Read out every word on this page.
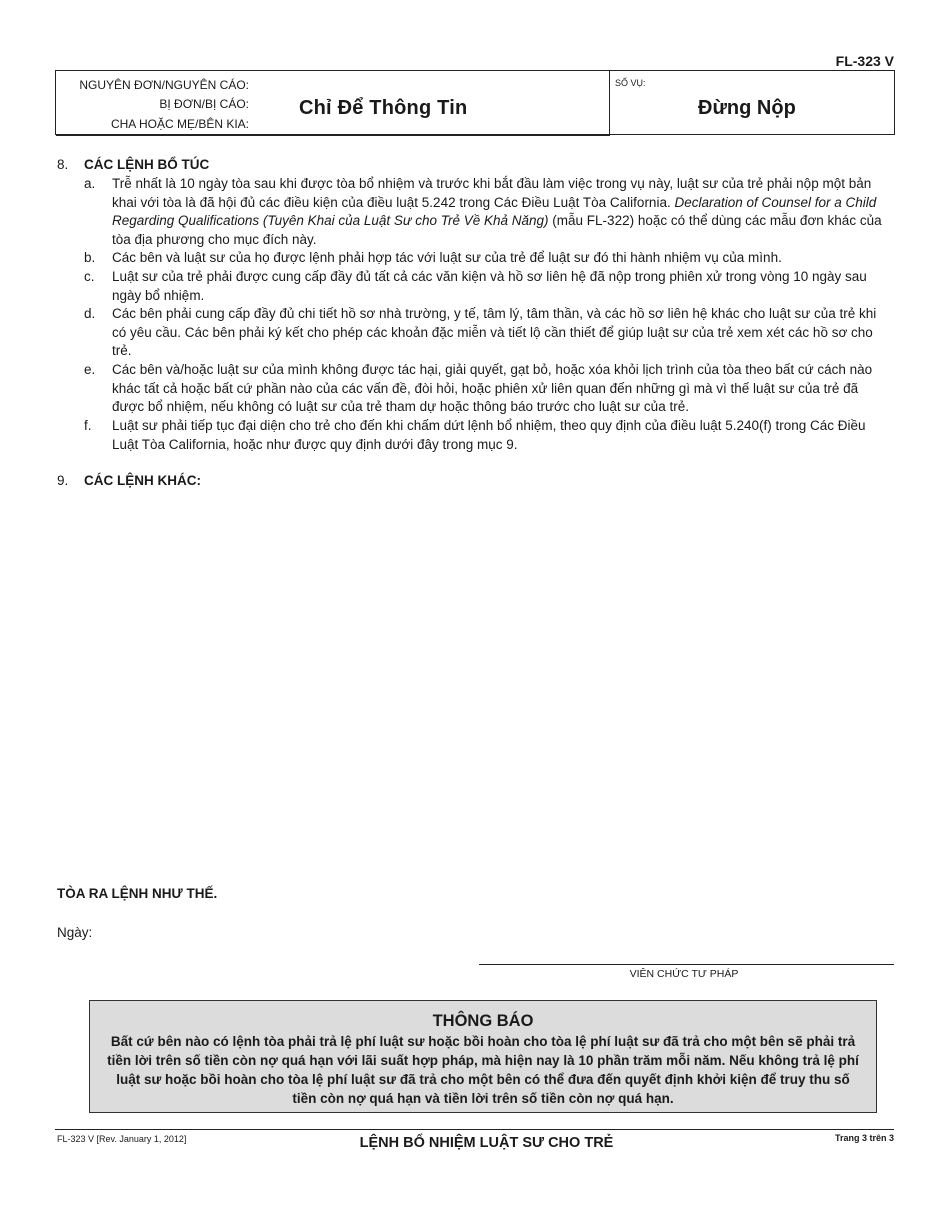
FL-323 V
NGUYÊN ĐƠN/NGUYÊN CÁO:
BỊ ĐƠN/BỊ CÁO:
CHA HOẶC MẸ/BÊN KIA:
Chỉ Để Thông Tin
SỐ VỤ:
Đừng Nộp
8. CÁC LỆNH BỔ TÚC
a. Trễ nhất là 10 ngày tòa sau khi được tòa bổ nhiệm và trước khi bắt đầu làm việc trong vụ này, luật sư của trẻ phải nộp một bản khai với tòa là đã hội đủ các điều kiện của điều luật 5.242 trong Các Điều Luật Tòa California. Declaration of Counsel for a Child Regarding Qualifications (Tuyên Khai của Luật Sư cho Trẻ Về Khả Năng) (mẫu FL-322) hoặc có thể dùng các mẫu đơn khác của tòa địa phương cho mục đích này.
b. Các bên và luật sư của họ được lệnh phải hợp tác với luật sư của trẻ để luật sư đó thi hành nhiệm vụ của mình.
c. Luật sư của trẻ phải được cung cấp đầy đủ tất cả các văn kiện và hồ sơ liên hệ đã nộp trong phiên xử trong vòng 10 ngày sau ngày bổ nhiệm.
d. Các bên phải cung cấp đầy đủ chi tiết hồ sơ nhà trường, y tế, tâm lý, tâm thần, và các hồ sơ liên hệ khác cho luật sư của trẻ khi có yêu cầu. Các bên phải ký kết cho phép các khoản đặc miễn và tiết lộ cần thiết để giúp luật sư của trẻ xem xét các hồ sơ cho trẻ.
e. Các bên và/hoặc luật sư của mình không được tác hại, giải quyết, gạt bỏ, hoặc xóa khỏi lịch trình của tòa theo bất cứ cách nào khác tất cả hoặc bất cứ phần nào của các vấn đề, đòi hỏi, hoặc phiên xử liên quan đến những gì mà vì thế luật sư của trẻ đã được bổ nhiệm, nếu không có luật sư của trẻ tham dự hoặc thông báo trước cho luật sư của trẻ.
f. Luật sư phải tiếp tục đại diện cho trẻ cho đến khi chấm dứt lệnh bổ nhiệm, theo quy định của điều luật 5.240(f) trong Các Điều Luật Tòa California, hoặc như được quy định dưới đây trong mục 9.
9. CÁC LỆNH KHÁC:
TÒA RA LỆNH NHƯ THẾ.
Ngày:
VIÊN CHỨC TƯ PHÁP
THÔNG BÁO
Bất cứ bên nào có lệnh tòa phải trả lệ phí luật sư hoặc bồi hoàn cho tòa lệ phí luật sư đã trả cho một bên sẽ phải trả tiền lời trên số tiền còn nợ quá hạn với lãi suất hợp pháp, mà hiện nay là 10 phần trăm mỗi năm. Nếu không trả lệ phí luật sư hoặc bồi hoàn cho tòa lệ phí luật sư đã trả cho một bên có thể đưa đến quyết định khởi kiện để truy thu số tiền còn nợ quá hạn và tiền lời trên số tiền còn nợ quá hạn.
FL-323 V [Rev. January 1, 2012]	LỆNH BỔ NHIỆM LUẬT SƯ CHO TRẺ	Trang 3 trên 3
